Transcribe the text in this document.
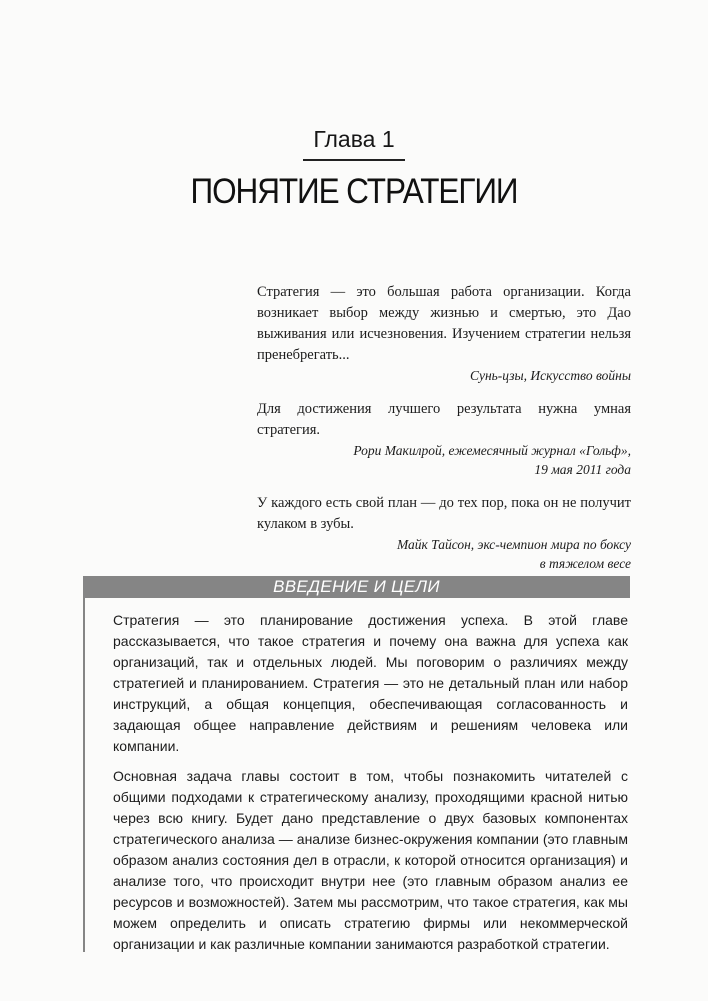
Глава 1
ПОНЯТИЕ СТРАТЕГИИ
Стратегия — это большая работа организации. Когда возникает выбор между жизнью и смертью, это Дао выживания или исчезновения. Изучением стратегии нельзя пренебрегать...
Сунь-цзы, Искусство войны
Для достижения лучшего результата нужна умная стратегия.
Рори Макилрой, ежемесячный журнал «Гольф»,
19 мая 2011 года
У каждого есть свой план — до тех пор, пока он не получит кулаком в зубы.
Майк Тайсон, экс-чемпион мира по боксу
в тяжелом весе
ВВЕДЕНИЕ И ЦЕЛИ

Стратегия — это планирование достижения успеха. В этой главе рассказывается, что такое стратегия и почему она важна для успеха как организаций, так и отдельных людей. Мы поговорим о различиях между стратегией и планированием. Стратегия — это не детальный план или набор инструкций, а общая концепция, обеспечивающая согласованность и задающая общее направление действиям и решениям человека или компании.

Основная задача главы состоит в том, чтобы познакомить читателей с общими подходами к стратегическому анализу, проходящими красной нитью через всю книгу. Будет дано представление о двух базовых компонентах стратегического анализа — анализе бизнес-окружения компании (это главным образом анализ состояния дел в отрасли, к которой относится организация) и анализе того, что происходит внутри нее (это главным образом анализ ее ресурсов и возможностей). Затем мы рассмотрим, что такое стратегия, как мы можем определить и описать стратегию фирмы или некоммерческой организации и как различные компании занимаются разработкой стратегии.
